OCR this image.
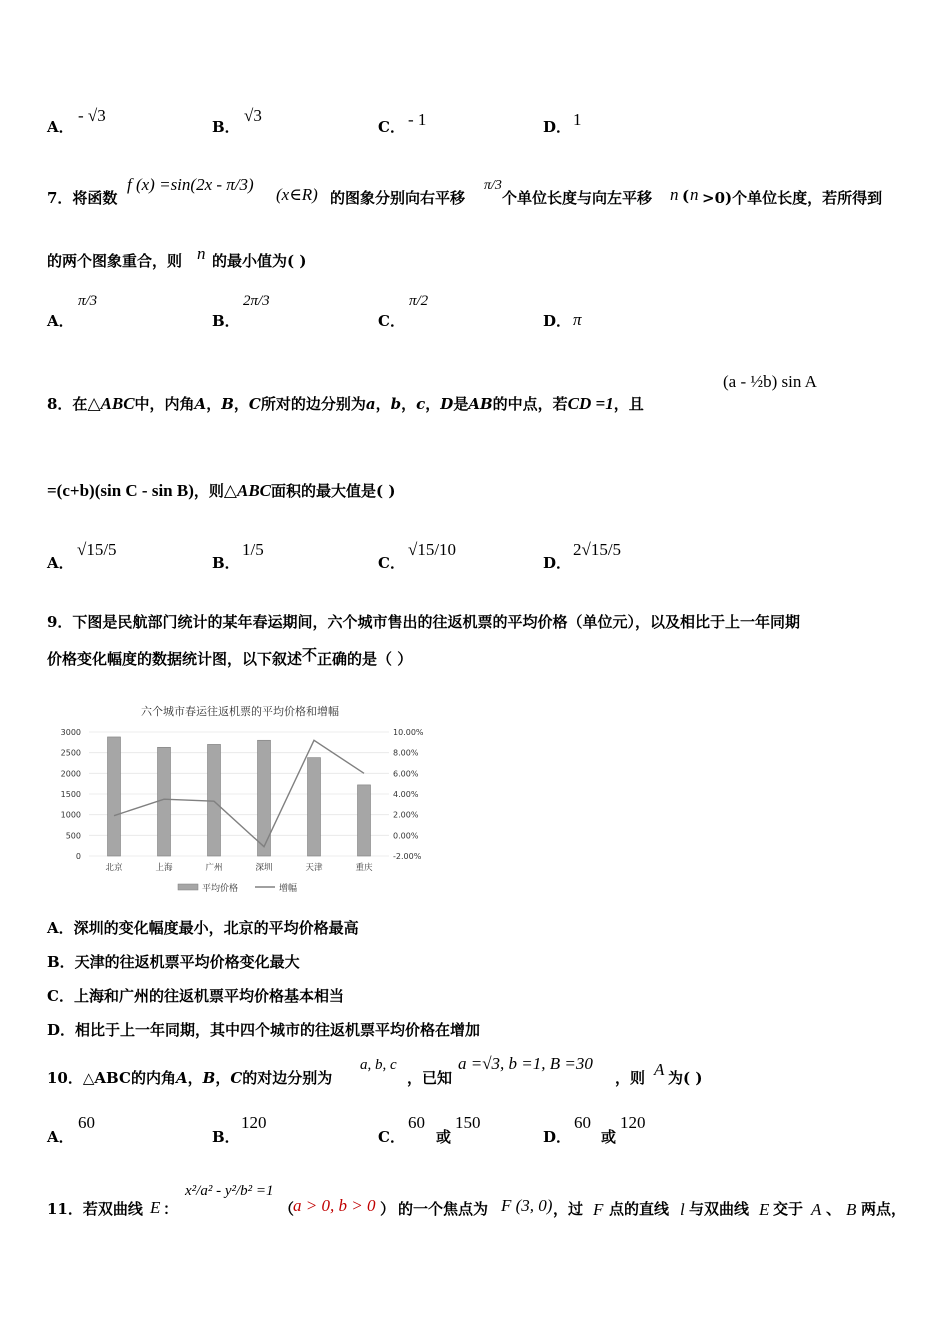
A．
- √3
B．
√3
C． - 1	D． 1
7．将函数
f (x) =sin(2x - π/3)
(x∈R) 的图象分别向右平移
π/3
个单位长度与向左平移 n ( n >0)个单位长度，若所得到
的两个图象重合，则 n 的最小值为( )
A．
π/3
B．
2π/3
C．
π/2
D． π
8．在△ABC中，内角A，B，C所对的边分别为a，b，c，D是AB的中点，若CD =1，且
(a - ½b) sin A
=(c+b)(sin C - sin B)，则△ABC面积的最大值是( )
A．
√15/5
B．
1/5
C．
√15/10
D．
2√15/5
9．下图是民航部门统计的某年春运期间，六个城市售出的往返机票的平均价格（单位元），以及相比于上一年同期
价格变化幅度的数据统计图，以下叙述不正确的是（ ）
六个城市春运往返机票的平均价格和增幅
0
500
1000
1500
2000
2500
3000
-2.00%
0.00%
2.00%
4.00%
6.00%
8.00%
10.00%
北京	上海	广州	深圳	天津	重庆
平均价格	增幅
A．深圳的变化幅度最小，北京的平均价格最高
B．天津的往返机票平均价格变化最大
C．上海和广州的往返机票平均价格基本相当
D．相比于上一年同期，其中四个城市的往返机票平均价格在增加
10．△ABC的内角A，B，C的对边分别为
a, b, c
，已知
a =√3, b =1, B =30
，则 A 为( )
A．
60
B．
120
C．
60
或
150
D．
60
或
120
11．若双曲线 E ：
x²/a² - y²/b² =1
（
a > 0, b > 0 ） 的一个焦点为 F (3, 0) ，过 F 点的直线 l 与双曲线 E 交于 A 、 B 两点，
